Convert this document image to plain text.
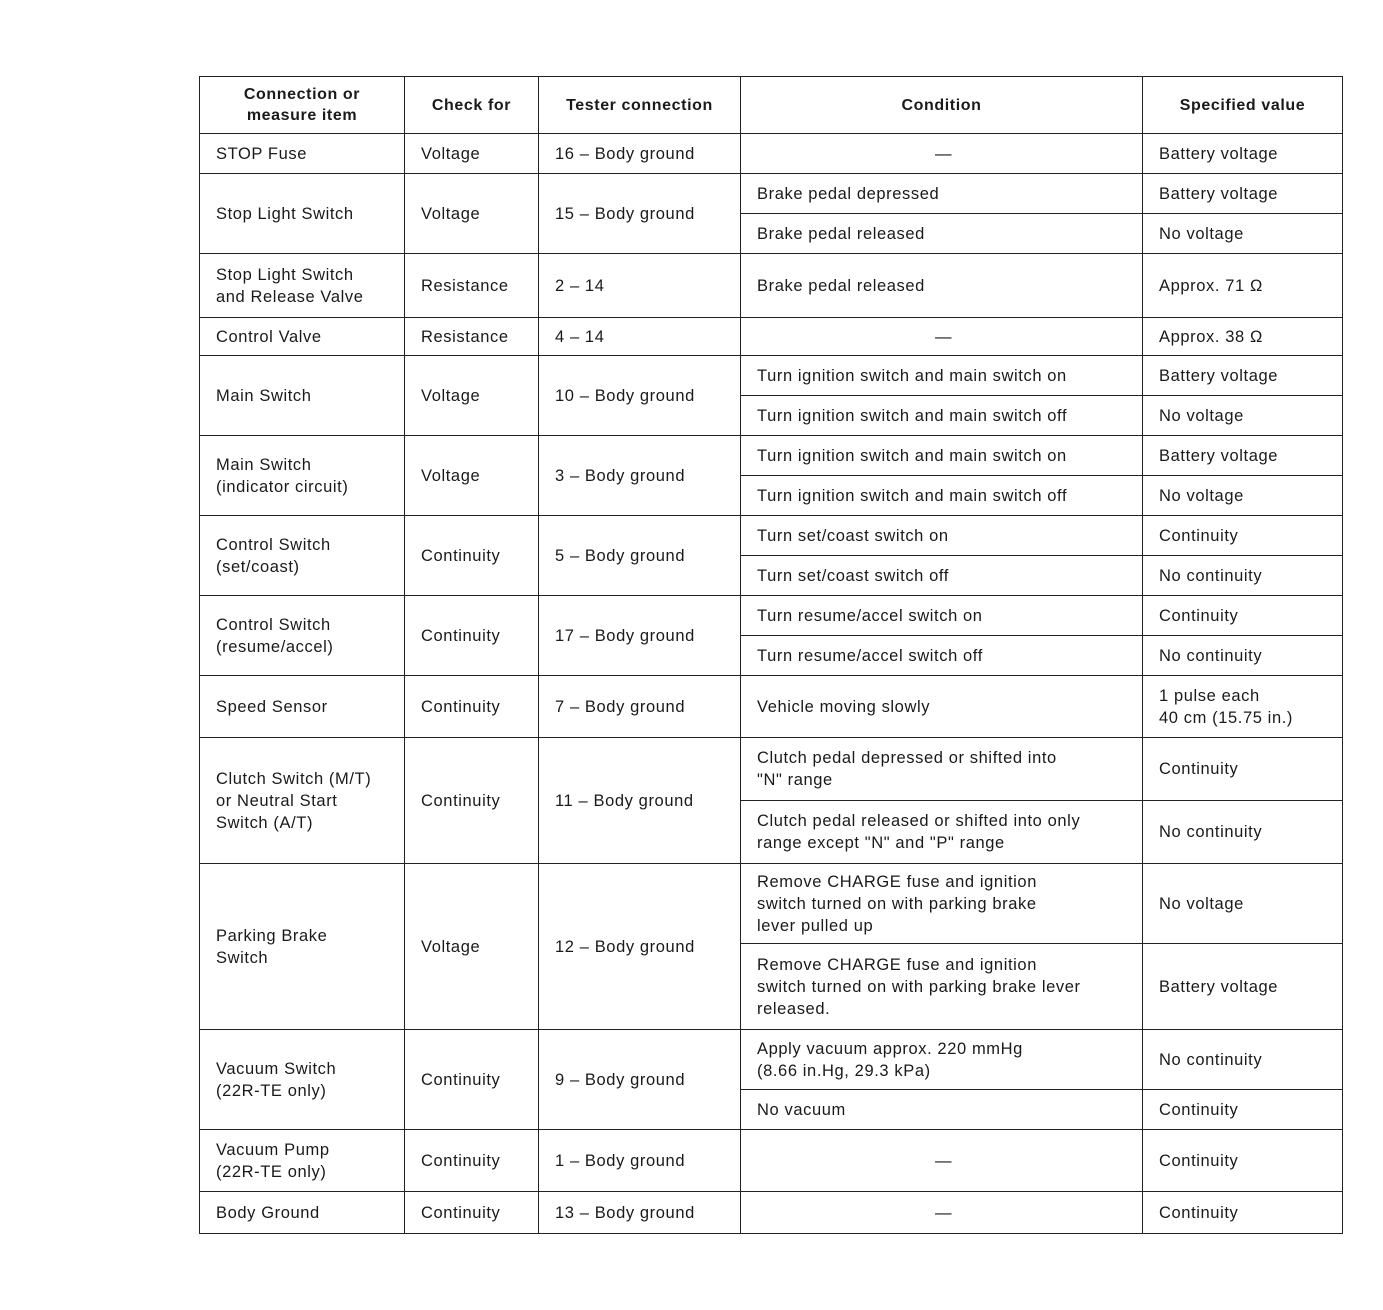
Connection or
measure item	Check for	Tester connection	Condition	Specified value
STOP Fuse	Voltage	16 – Body ground	—	Battery voltage
Stop Light Switch	Voltage	15 – Body ground	Brake pedal depressed	Battery voltage
			Brake pedal released	No voltage
Stop Light Switch
and Release Valve	Resistance	2 – 14	Brake pedal released	Approx. 71 Ω
Control Valve	Resistance	4 – 14	—	Approx. 38 Ω
Main Switch	Voltage	10 – Body ground	Turn ignition switch and main switch on	Battery voltage
			Turn ignition switch and main switch off	No voltage
Main Switch
(indicator circuit)	Voltage	3 – Body ground	Turn ignition switch and main switch on	Battery voltage
			Turn ignition switch and main switch off	No voltage
Control Switch
(set/coast)	Continuity	5 – Body ground	Turn set/coast switch on	Continuity
			Turn set/coast switch off	No continuity
Control Switch
(resume/accel)	Continuity	17 – Body ground	Turn resume/accel switch on	Continuity
			Turn resume/accel switch off	No continuity
Speed Sensor	Continuity	7 – Body ground	Vehicle moving slowly	1 pulse each
40 cm (15.75 in.)
Clutch Switch (M/T)
or Neutral Start
Switch (A/T)	Continuity	11 – Body ground	Clutch pedal depressed or shifted into
"N" range	Continuity
			Clutch pedal released or shifted into only
range except "N" and "P" range	No continuity
Parking Brake
Switch	Voltage	12 – Body ground	Remove CHARGE fuse and ignition
switch turned on with parking brake
lever pulled up	No voltage
			Remove CHARGE fuse and ignition
switch turned on with parking brake lever
released.	Battery voltage
Vacuum Switch
(22R-TE only)	Continuity	9 – Body ground	Apply vacuum approx. 220 mmHg
(8.66 in.Hg, 29.3 kPa)	No continuity
			No vacuum	Continuity
Vacuum Pump
(22R-TE only)	Continuity	1 – Body ground	—	Continuity
Body Ground	Continuity	13 – Body ground	—	Continuity
